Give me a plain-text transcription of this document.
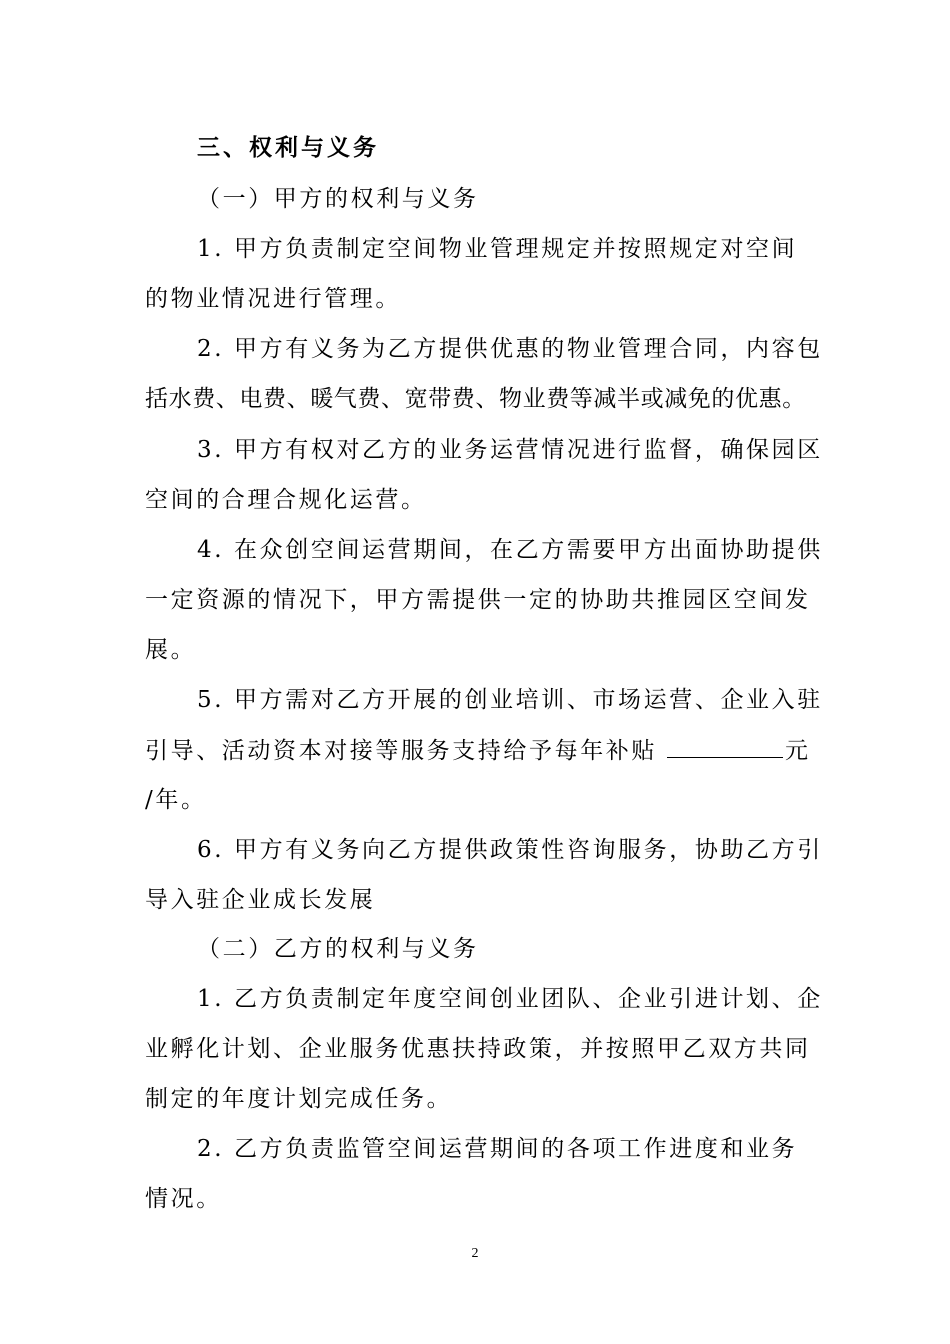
三、权利与义务
（一）甲方的权利与义务
1. 甲方负责制定空间物业管理规定并按照规定对空间
的物业情况进行管理。
2. 甲方有义务为乙方提供优惠的物业管理合同，内容包
括水费、电费、暖气费、宽带费、物业费等减半或减免的优惠。
3. 甲方有权对乙方的业务运营情况进行监督，确保园区
空间的合理合规化运营。
4. 在众创空间运营期间，在乙方需要甲方出面协助提供
一定资源的情况下，甲方需提供一定的协助共推园区空间发
展。
5. 甲方需对乙方开展的创业培训、市场运营、企业入驻
引导、活动资本对接等服务支持给予每年补贴	元
/年。
6. 甲方有义务向乙方提供政策性咨询服务，协助乙方引
导入驻企业成长发展
（二）乙方的权利与义务
1. 乙方负责制定年度空间创业团队、企业引进计划、企
业孵化计划、企业服务优惠扶持政策，并按照甲乙双方共同
制定的年度计划完成任务。
2. 乙方负责监管空间运营期间的各项工作进度和业务
情况。
2
